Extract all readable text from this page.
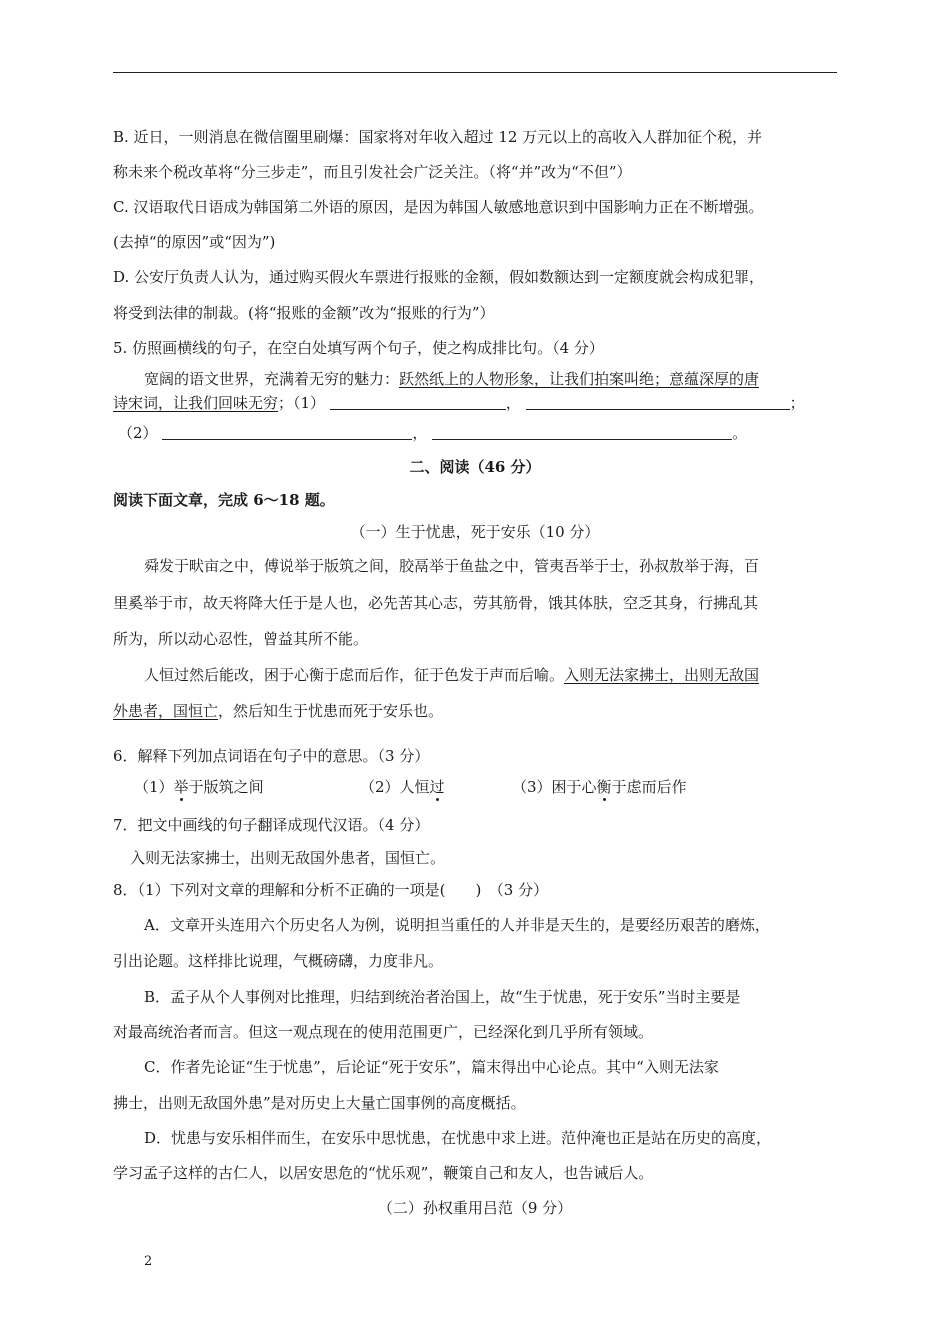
B. 近日，一则消息在微信圈里刷爆：国家将对年收入超过 12 万元以上的高收入人群加征个税，并
称未来个税改革将“分三步走”，而且引发社会广泛关注。（将“并”改为“不但”）
C. 汉语取代日语成为韩国第二外语的原因，是因为韩国人敏感地意识到中国影响力正在不断增强。
(去掉“的原因”或“因为”)
D. 公安厅负责人认为，通过购买假火车票进行报账的金额，假如数额达到一定额度就会构成犯罪，
将受到法律的制裁。(将“报账的金额”改为“报账的行为”）
5. 仿照画横线的句子，在空白处填写两个句子，使之构成排比句。（4 分）
宽阔的语文世界，充满着无穷的魅力：跃然纸上的人物形象，让我们拍案叫绝；意蕴深厚的唐
诗宋词，让我们回味无穷；（1）	，	；
（2）	，	。
二、阅读（46 分）
阅读下面文章，完成 6～18 题。
（一）生于忧患，死于安乐（10 分）
舜发于畎亩之中，傅说举于版筑之间，胶鬲举于鱼盐之中，管夷吾举于士，孙叔敖举于海，百
里奚举于市，故天将降大任于是人也，必先苦其心志，劳其筋骨，饿其体肤，空乏其身，行拂乱其
所为，所以动心忍性，曾益其所不能。
人恒过然后能改，困于心衡于虑而后作，征于色发于声而后喻。入则无法家拂士，出则无敌国
外患者，国恒亡，然后知生于忧患而死于安乐也。
6．解释下列加点词语在句子中的意思。（3 分）
（1）举于版筑之间	（2）人恒过	（3）困于心衡于虑而后作
7．把文中画线的句子翻译成现代汉语。（4 分）
入则无法家拂士，出则无敌国外患者，国恒亡。
8．（1）下列对文章的理解和分析不正确的一项是(　　)　（3 分）
A．文章开头连用六个历史名人为例，说明担当重任的人并非是天生的，是要经历艰苦的磨炼，
引出论题。这样排比说理，气概磅礴，力度非凡。
B．孟子从个人事例对比推理，归结到统治者治国上，故“生于忧患，死于安乐”当时主要是
对最高统治者而言。但这一观点现在的使用范围更广，已经深化到几乎所有领域。
C．作者先论证“生于忧患”，后论证“死于安乐”，篇末得出中心论点。其中“入则无法家
拂士，出则无敌国外患”是对历史上大量亡国事例的高度概括。
D．忧患与安乐相伴而生，在安乐中思忧患，在忧患中求上进。范仲淹也正是站在历史的高度，
学习孟子这样的古仁人，以居安思危的“忧乐观”，鞭策自己和友人，也告诫后人。
（二）孙权重用吕范（9 分）
2
